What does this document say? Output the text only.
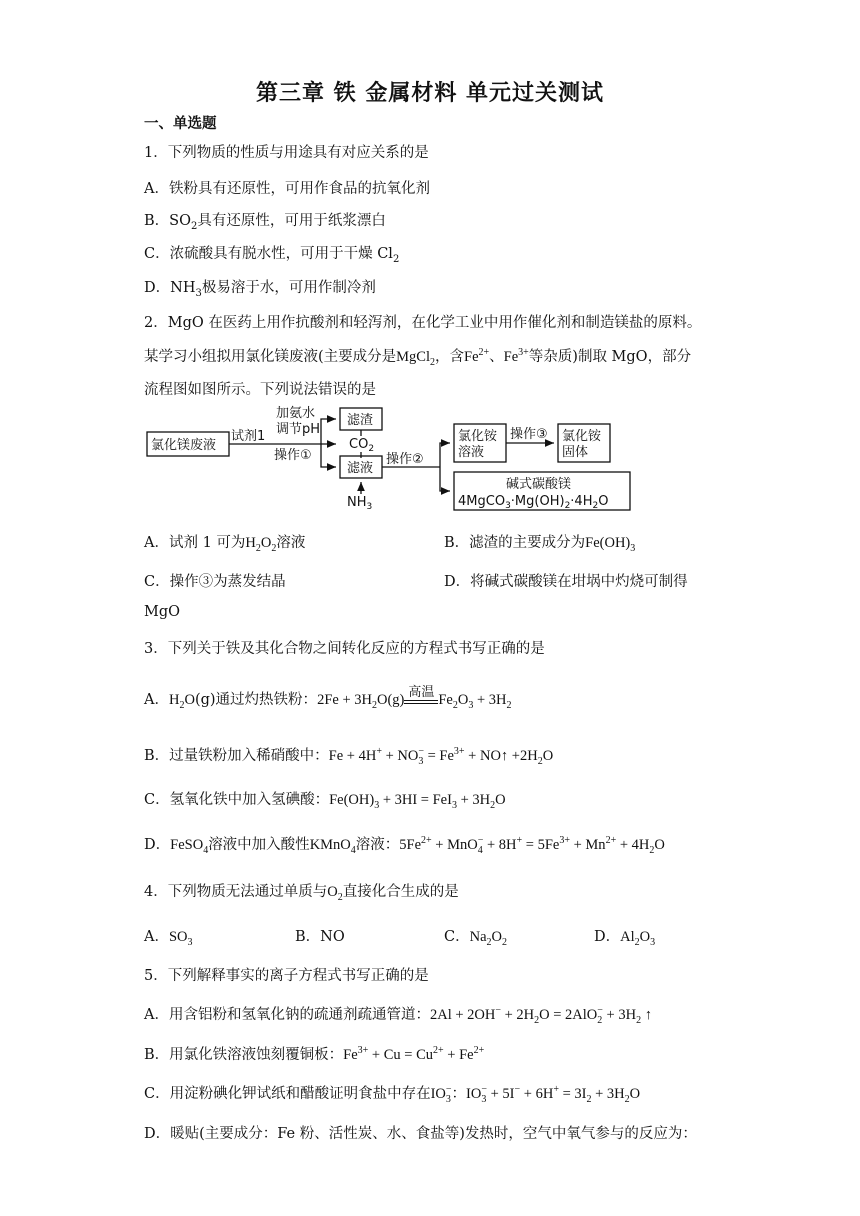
第三章 铁 金属材料 单元过关测试
一、单选题
1．下列物质的性质与用途具有对应关系的是
A．铁粉具有还原性，可用作食品的抗氧化剂
B．$SO_2$具有还原性，可用于纸浆漂白
C．浓硫酸具有脱水性，可用于干燥 $Cl_2$
D．$NH_3$极易溶于水，可用作制冷剂
2．MgO 在医药上用作抗酸剂和轻泻剂，在化学工业中用作催化剂和制造镁盐的原料。
某学习小组拟用氯化镁废液(主要成分是MgCl$_2$，含$Fe^{2+}$、$Fe^{3+}$等杂质)制取 MgO，部分
流程图如图所示。下列说法错误的是
氯化镁废液
试剂1
加氨水
调节pH
操作①
滤渣
$CO_2$
滤液
$NH_3$
操作②
氯化铵
溶液
操作③ 氯化铵
固体
碱式碳酸镁
$4MgCO_3\cdot Mg(OH)_2\cdot 4H_2O$
A．试剂 1 可为$H_2O_2$溶液	B．滤渣的主要成分为$Fe(OH)_3$
C．操作③为蒸发结晶	D．将碱式碳酸镁在坩埚中灼烧可制得
MgO
3．下列关于铁及其化合物之间转化反应的方程式书写正确的是
A．$H_2O(g)$通过灼热铁粉：$2Fe + 3H_2O(g)$ 高温 $Fe_2O_3 + 3H_2$
B．过量铁粉加入稀硝酸中：$Fe + 4H^+ + NO_3^- = Fe^{3+}$ + NO↑ $+2H_2O$
C．氢氧化铁中加入氢碘酸：$Fe(OH)_3 + 3HI = FeI_3 + 3H_2O$
D．FeSO$_4$溶液中加入酸性KMnO$_4$溶液：$5Fe^{2+} + MnO_4^- + 8H^+ = 5Fe^{3+} + Mn^{2+} + 4H_2O$
4．下列物质无法通过单质与$O_2$直接化合生成的是
A．$SO_3$	B．NO	C．$Na_2O_2$	D．$Al_2O_3$
5．下列解释事实的离子方程式书写正确的是
A．用含铝粉和氢氧化钠的疏通剂疏通管道：$2Al + 2OH^- + 2H_2O = 2AlO_2^- + 3H_2$ ↑
B．用氯化铁溶液蚀刻覆铜板：$Fe^{3+} + Cu = Cu^{2+} + Fe^{2+}$
C．用淀粉碘化钾试纸和醋酸证明食盐中存在$IO_3^-$：$IO_3^- + 5I^- + 6H^+ = 3I_2 + 3H_2O$
D．暖贴(主要成分：Fe 粉、活性炭、水、食盐等)发热时，空气中氧气参与的反应为：
